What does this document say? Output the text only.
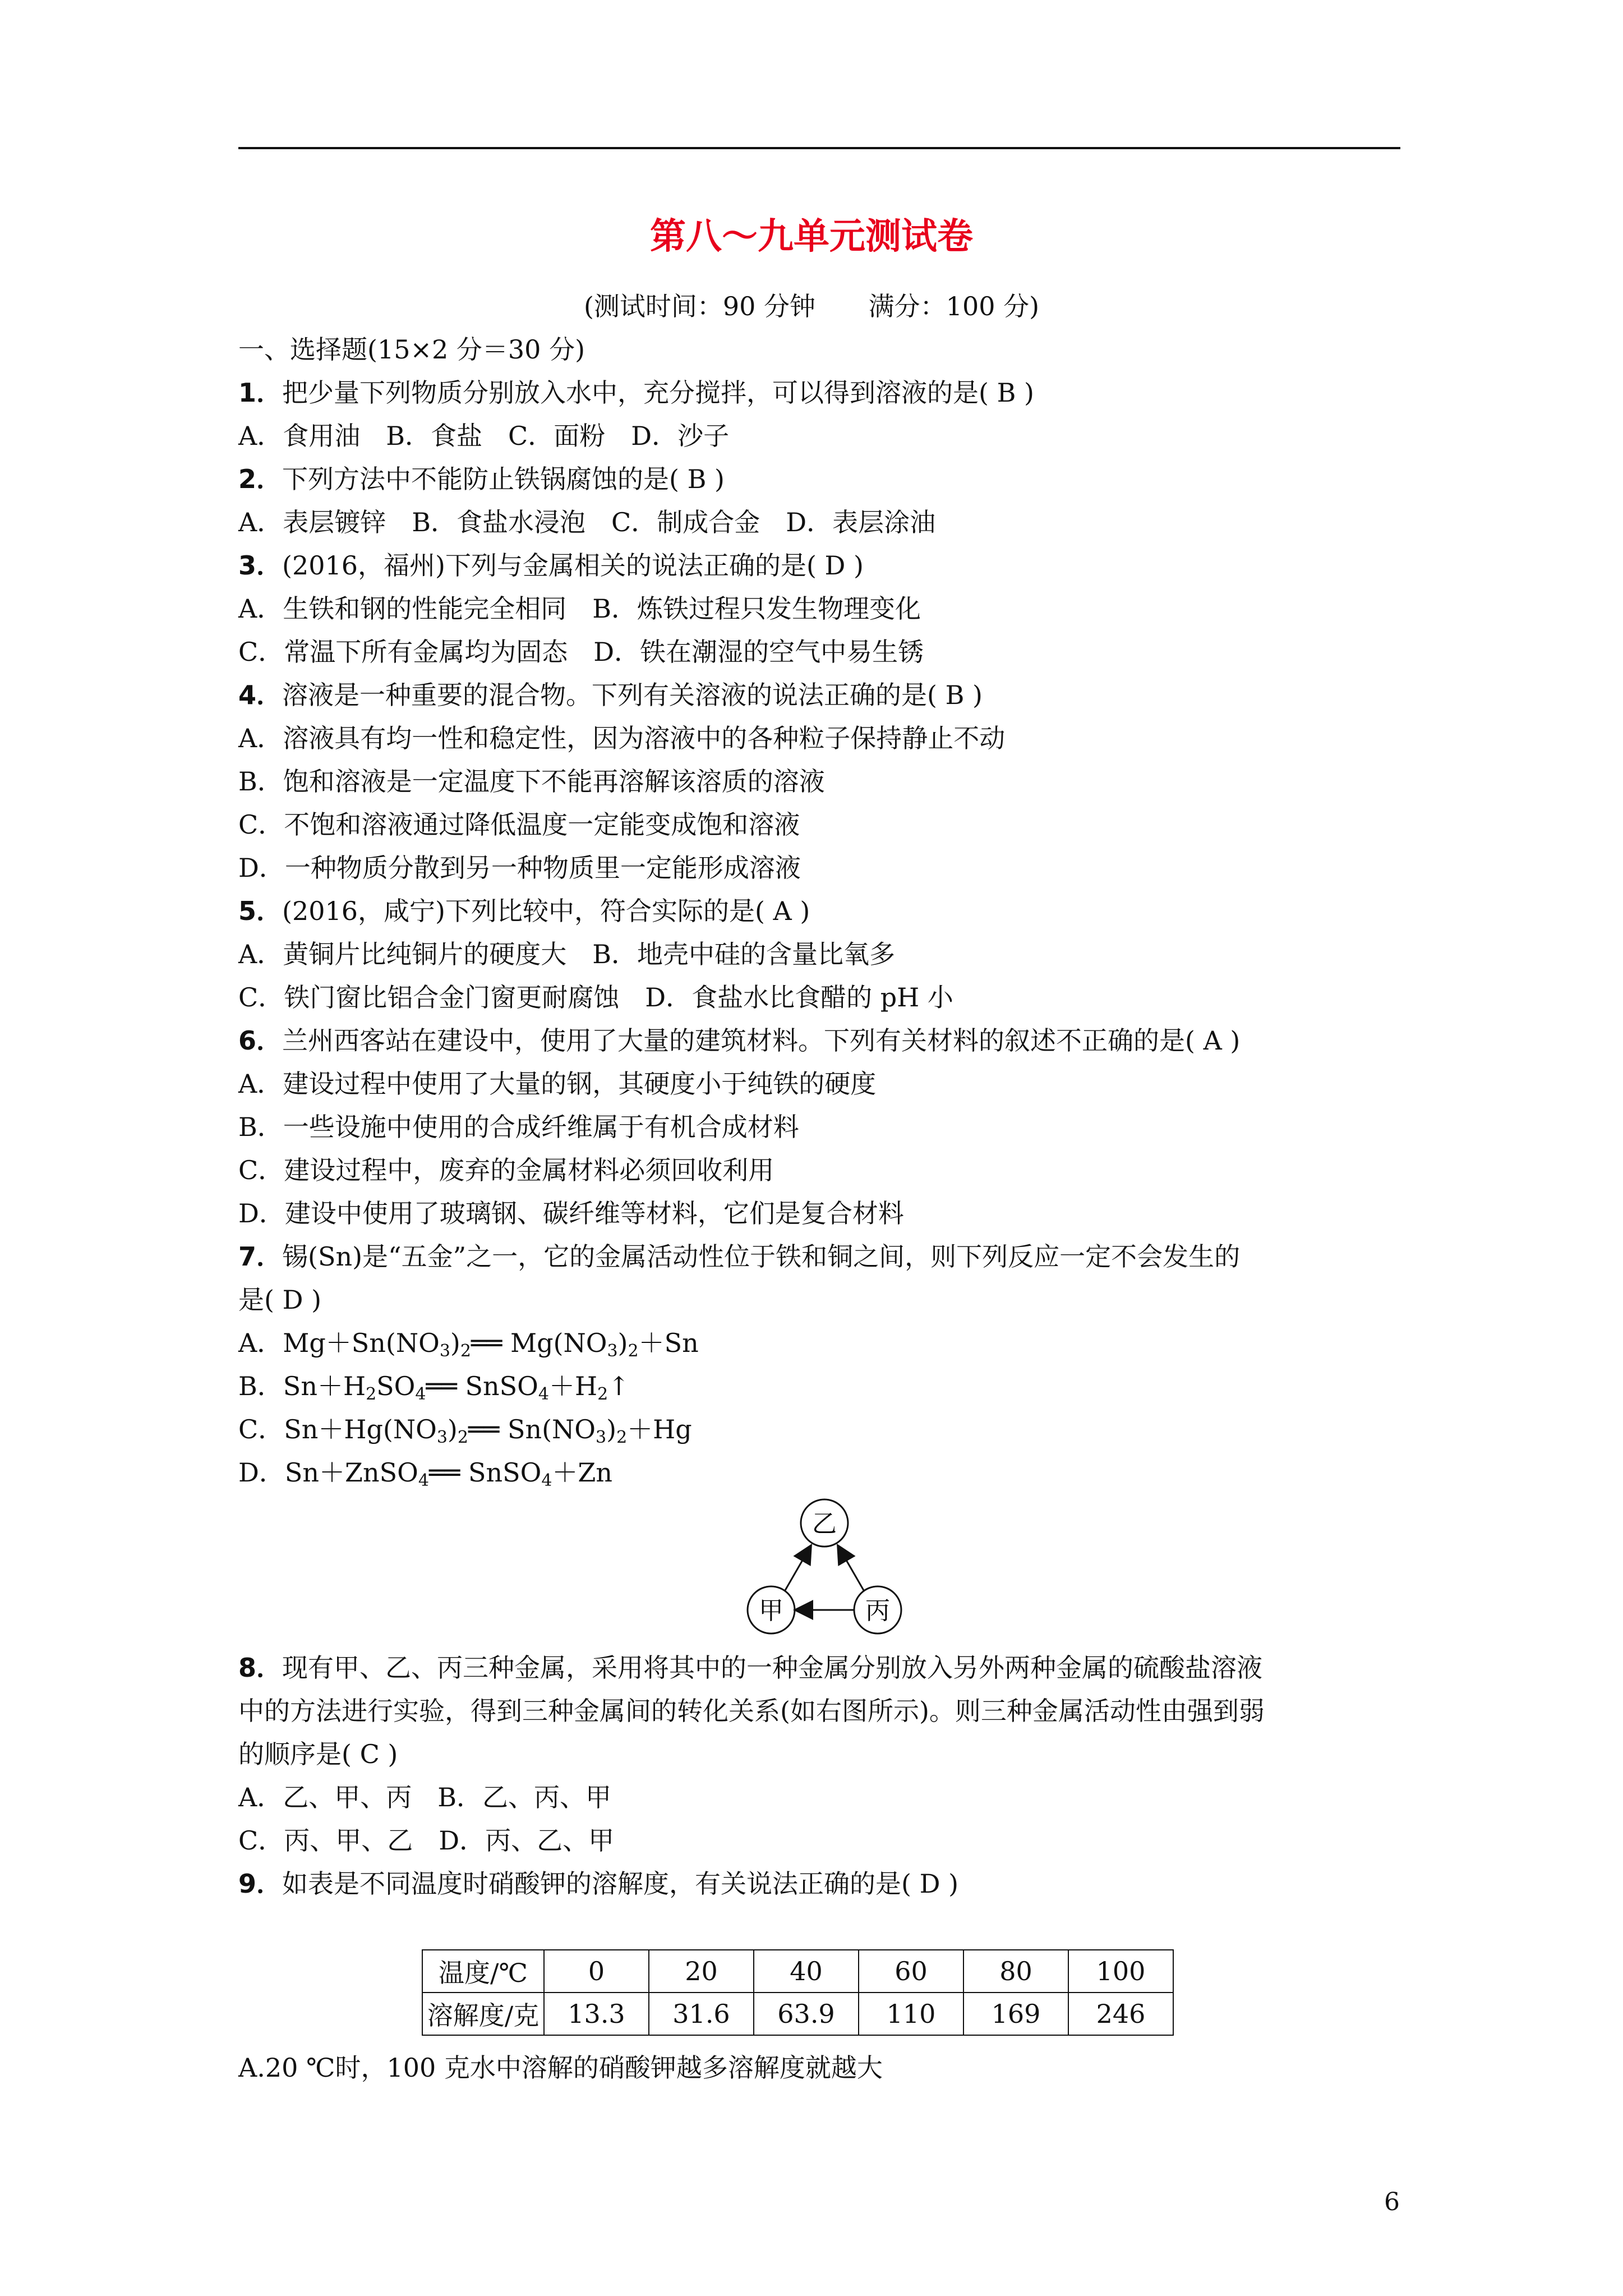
第八～九单元测试卷
(测试时间：90 分钟 满分：100 分)
一、选择题(15×2 分＝30 分)
1．把少量下列物质分别放入水中，充分搅拌，可以得到溶液的是( B )
A．食用油　B．食盐　C．面粉　D．沙子
2．下列方法中不能防止铁锅腐蚀的是( B )
A．表层镀锌　B．食盐水浸泡　C．制成合金　D．表层涂油
3．(2016，福州)下列与金属相关的说法正确的是( D )
A．生铁和钢的性能完全相同　B．炼铁过程只发生物理变化
C．常温下所有金属均为固态　D．铁在潮湿的空气中易生锈
4．溶液是一种重要的混合物。下列有关溶液的说法正确的是( B )
A．溶液具有均一性和稳定性，因为溶液中的各种粒子保持静止不动
B．饱和溶液是一定温度下不能再溶解该溶质的溶液
C．不饱和溶液通过降低温度一定能变成饱和溶液
D．一种物质分散到另一种物质里一定能形成溶液
5．(2016，咸宁)下列比较中，符合实际的是( A )
A．黄铜片比纯铜片的硬度大　B．地壳中硅的含量比氧多
C．铁门窗比铝合金门窗更耐腐蚀　D．食盐水比食醋的 pH 小
6．兰州西客站在建设中，使用了大量的建筑材料。下列有关材料的叙述不正确的是( A )
A．建设过程中使用了大量的钢，其硬度小于纯铁的硬度
B．一些设施中使用的合成纤维属于有机合成材料
C．建设过程中，废弃的金属材料必须回收利用
D．建设中使用了玻璃钢、碳纤维等材料，它们是复合材料
7．锡(Sn)是“五金”之一，它的金属活动性位于铁和铜之间，则下列反应一定不会发生的
是( D )
A．$Mg+Sn(NO_3)_2══$ $Mg(NO_3)_2+Sn$
B．$Sn+H_2SO_4══$ $SnSO_4+H_2↑$
C．$Sn+Hg(NO_3)_2══$ $Sn(NO_3)_2+Hg$
D．Sn＋ZnSO$_4$══ SnSO$_4$＋Zn
乙
甲	丙
8．现有甲、乙、丙三种金属，采用将其中的一种金属分别放入另外两种金属的硫酸盐溶液
中的方法进行实验，得到三种金属间的转化关系(如右图所示)。则三种金属活动性由强到弱
的顺序是( C )
A．乙、甲、丙　B．乙、丙、甲
C．丙、甲、乙　D．丙、乙、甲
9．如表是不同温度时硝酸钾的溶解度，有关说法正确的是( D )
温度/℃	0	20	40	60	80	100
溶解度/克	13.3	31.6	63.9	110	169	246
A.20 ℃时，100 克水中溶解的硝酸钾越多溶解度就越大
6
